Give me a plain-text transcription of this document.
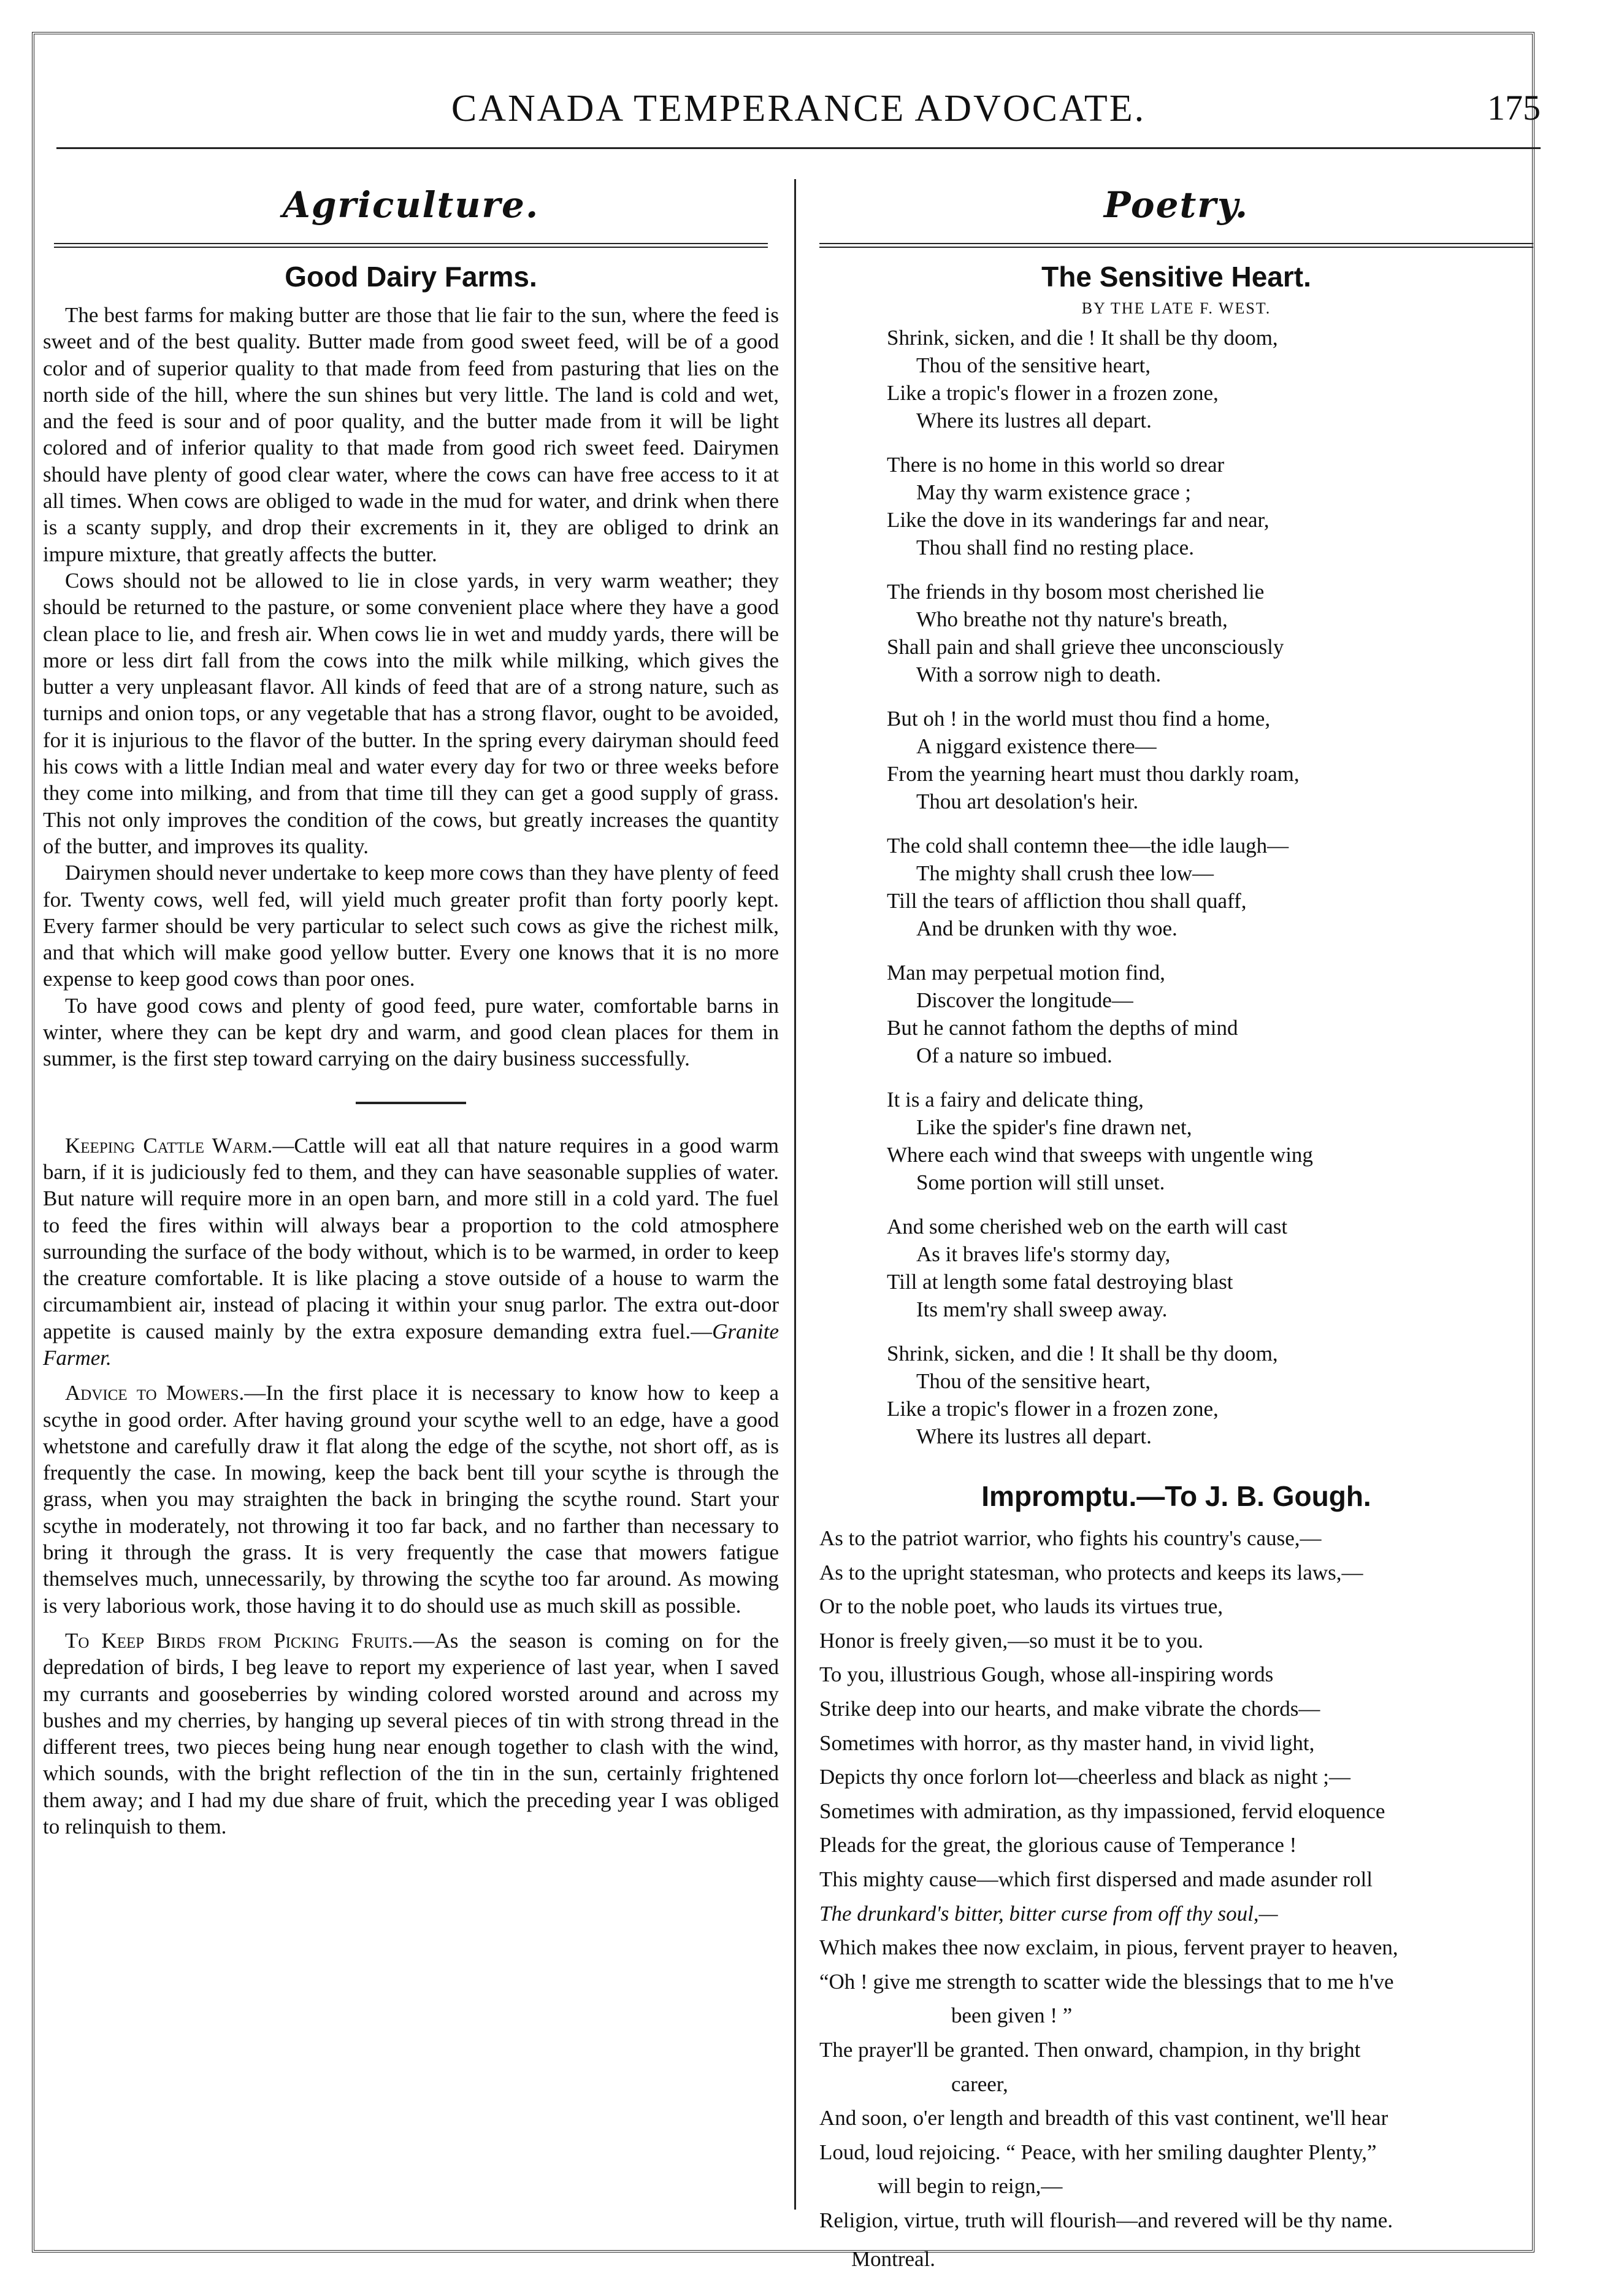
CANADA TEMPERANCE ADVOCATE.	175
Agriculture.
Good Dairy Farms.

The best farms for making butter are those that lie fair to the sun, where the feed is sweet and of the best quality. Butter made from good sweet feed, will be of a good color and of superior quality to that made from feed from pasturing that lies on the north side of the hill, where the sun shines but very little. The land is cold and wet, and the feed is sour and of poor quality, and the butter made from it will be light colored and of inferior quality to that made from good rich sweet feed. Dairymen should have plenty of good clear water, where the cows can have free access to it at all times. When cows are obliged to wade in the mud for water, and drink when there is a scanty supply, and drop their excrements in it, they are obliged to drink an impure mixture, that greatly affects the butter.

Cows should not be allowed to lie in close yards, in very warm weather; they should be returned to the pasture, or some convenient place where they have a good clean place to lie, and fresh air. When cows lie in wet and muddy yards, there will be more or less dirt fall from the cows into the milk while milking, which gives the butter a very unpleasant flavor. All kinds of feed that are of a strong nature, such as turnips and onion tops, or any vegetable that has a strong flavor, ought to be avoided, for it is injurious to the flavor of the butter. In the spring every dairyman should feed his cows with a little Indian meal and water every day for two or three weeks before they come into milking, and from that time till they can get a good supply of grass. This not only improves the condition of the cows, but greatly increases the quantity of the butter, and improves its quality.

Dairymen should never undertake to keep more cows than they have plenty of feed for. Twenty cows, well fed, will yield much greater profit than forty poorly kept. Every farmer should be very particular to select such cows as give the richest milk, and that which will make good yellow butter. Every one knows that it is no more expense to keep good cows than poor ones.

To have good cows and plenty of good feed, pure water, comfortable barns in winter, where they can be kept dry and warm, and good clean places for them in summer, is the first step toward carrying on the dairy business successfully.

Keeping Cattle Warm.—Cattle will eat all that nature requires in a good warm barn, if it is judiciously fed to them, and they can have seasonable supplies of water. But nature will require more in an open barn, and more still in a cold yard. The fuel to feed the fires within will always bear a proportion to the cold atmosphere surrounding the surface of the body without, which is to be warmed, in order to keep the creature comfortable. It is like placing a stove outside of a house to warm the circumambient air, instead of placing it within your snug parlor. The extra out-door appetite is caused mainly by the extra exposure demanding extra fuel.—Granite Farmer.

Advice to Mowers.—In the first place it is necessary to know how to keep a scythe in good order. After having ground your scythe well to an edge, have a good whetstone and carefully draw it flat along the edge of the scythe, not short off, as is frequently the case. In mowing, keep the back bent till your scythe is through the grass, when you may straighten the back in bringing the scythe round. Start your scythe in moderately, not throwing it too far back, and no farther than necessary to bring it through the grass. It is very frequently the case that mowers fatigue themselves much, unnecessarily, by throwing the scythe too far around. As mowing is very laborious work, those having it to do should use as much skill as possible.

To Keep Birds from Picking Fruits.—As the season is coming on for the depredation of birds, I beg leave to report my experience of last year, when I saved my currants and gooseberries by winding colored worsted around and across my bushes and my cherries, by hanging up several pieces of tin with strong thread in the different trees, two pieces being hung near enough together to clash with the wind, which sounds, with the bright reflection of the tin in the sun, certainly frightened them away; and I had my due share of fruit, which the preceding year I was obliged to relinquish to them.

Poetry.
The Sensitive Heart.
BY THE LATE F. WEST.
Shrink, sicken, and die ! It shall be thy doom,
Thou of the sensitive heart,
Like a tropic's flower in a frozen zone,
Where its lustres all depart.
There is no home in this world so drear
May thy warm existence grace ;
Like the dove in its wanderings far and near,
Thou shall find no resting place.
The friends in thy bosom most cherished lie
Who breathe not thy nature's breath,
Shall pain and shall grieve thee unconsciously
With a sorrow nigh to death.
But oh ! in the world must thou find a home,
A niggard existence there—
From the yearning heart must thou darkly roam,
Thou art desolation's heir.
The cold shall contemn thee—the idle laugh—
The mighty shall crush thee low—
Till the tears of affliction thou shall quaff,
And be drunken with thy woe.
Man may perpetual motion find,
Discover the longitude—
But he cannot fathom the depths of mind
Of a nature so imbued.
It is a fairy and delicate thing,
Like the spider's fine drawn net,
Where each wind that sweeps with ungentle wing
Some portion will still unset.
And some cherished web on the earth will cast
As it braves life's stormy day,
Till at length some fatal destroying blast
Its mem'ry shall sweep away.
Shrink, sicken, and die ! It shall be thy doom,
Thou of the sensitive heart,
Like a tropic's flower in a frozen zone,
Where its lustres all depart.
Impromptu.—To J. B. Gough.
As to the patriot warrior, who fights his country's cause,—
As to the upright statesman, who protects and keeps its laws,—
Or to the noble poet, who lauds its virtues true,
Honor is freely given,—so must it be to you.
To you, illustrious Gough, whose all-inspiring words
Strike deep into our hearts, and make vibrate the chords—
Sometimes with horror, as thy master hand, in vivid light,
Depicts thy once forlorn lot—cheerless and black as night ;—
Sometimes with admiration, as thy impassioned, fervid eloquence
Pleads for the great, the glorious cause of Temperance !
This mighty cause—which first dispersed and made asunder roll
The drunkard's bitter, bitter curse from off thy soul,—
Which makes thee now exclaim, in pious, fervent prayer to heaven,
“Oh ! give me strength to scatter wide the blessings that to me h've
been given ! ”
The prayer'll be granted. Then onward, champion, in thy bright
career,
And soon, o'er length and breadth of this vast continent, we'll hear
Loud, loud rejoicing. “ Peace, with her smiling daughter Plenty,”
will begin to reign,—
Religion, virtue, truth will flourish—and revered will be thy name.
Montreal.
